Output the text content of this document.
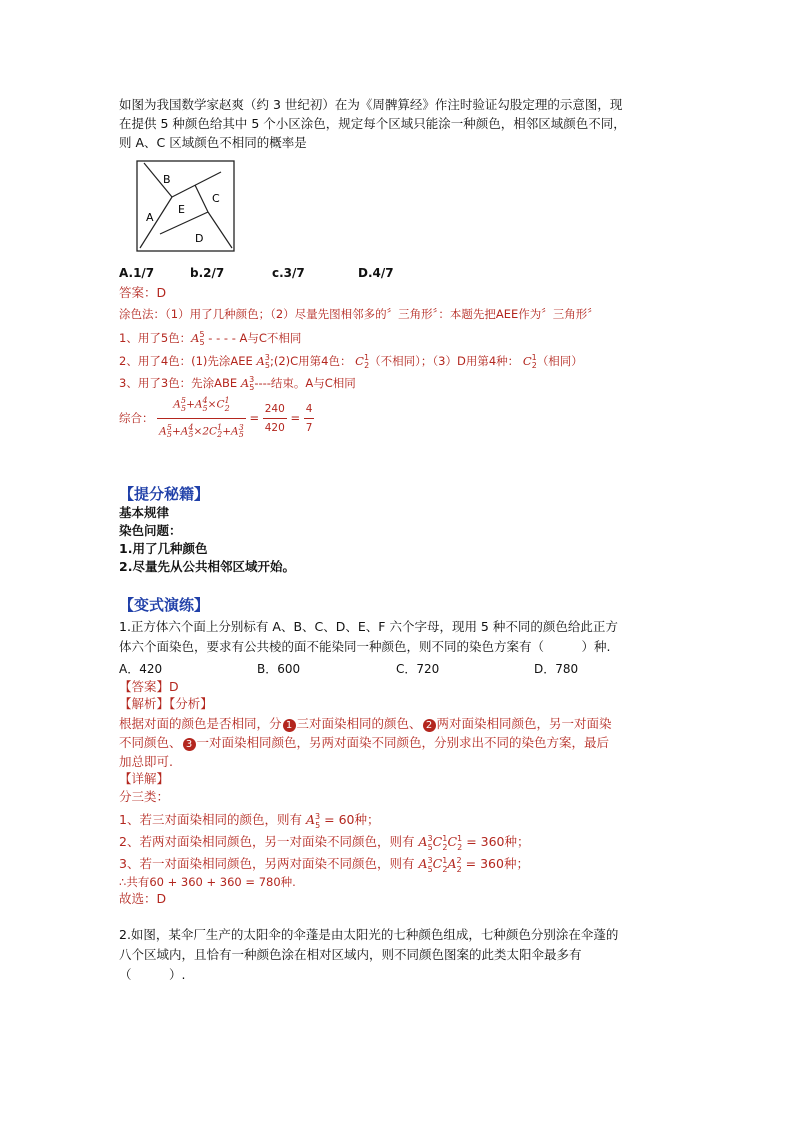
如图为我国数学家赵爽（约 3 世纪初）在为《周髀算经》作注时验证勾股定理的示意图，现
在提供 5 种颜色给其中 5 个小区涂色，规定每个区域只能涂一种颜色，相邻区域颜色不同，
则 A、C 区域颜色不相同的概率是
B
E
C
A
D
A.1/7	b.2/7	c.3/7	D.4/7
答案：D
涂色法：（1）用了几种颜色；（2）尽量先图相邻多的〞三角形〞：本题先把AEE作为〞三角形〞
1、用了5色：$A^5_5$ - - - - A与C不相同
2、用了4色：(1)先涂AEE $A^3_5;(2)C$用第4色： $C^1_2$（不相同）；（3）D用第4种： $C^1_2$（相同）
3、用了3色：先涂ABE $A^3_5----$结束。A与C相同
综合： $\frac{A^5_5+A^4_5\times C^1_2}{A^5_5+A^4_5\times 2C^1_2+A^3_5} = \frac{240}{420} = \frac{4}{7}$
【提分秘籍】
基本规律
染色问题：
1.用了几种颜色
2.尽量先从公共相邻区域开始。
【变式演练】
1.正方体六个面上分别标有 A、B、C、D、E、F 六个字母，现用 5 种不同的颜色给此正方
体六个面染色，要求有公共棱的面不能染同一种颜色，则不同的染色方案有（　　　）种.
A．420	B．600	C．720	D．780
【答案】D
【解析】【分析】
根据对面的颜色是否相同，分 1 三对面染相同的颜色、 2 两对面染相同颜色，另一对面染
不同颜色、 3 一对面染相同颜色，另两对面染不同颜色，分别求出不同的染色方案，最后
加总即可.
【详解】
分三类：
1、若三对面染相同的颜色，则有 $A^3_5 = 60$种；
2、若两对面染相同颜色，另一对面染不同颜色，则有 $A^3_5C^1_2C^1_2 = 360$种；
3、若一对面染相同颜色，另两对面染不同颜色，则有 $A^3_5C^1_2A^2_2 = 360$种；
∴共有60 + 360 + 360 = 780种.
故选：D
2.如图，某伞厂生产的太阳伞的伞蓬是由太阳光的七种颜色组成，七种颜色分别涂在伞蓬的
八个区域内，且恰有一种颜色涂在相对区域内，则不同颜色图案的此类太阳伞最多有
（　　　）.
